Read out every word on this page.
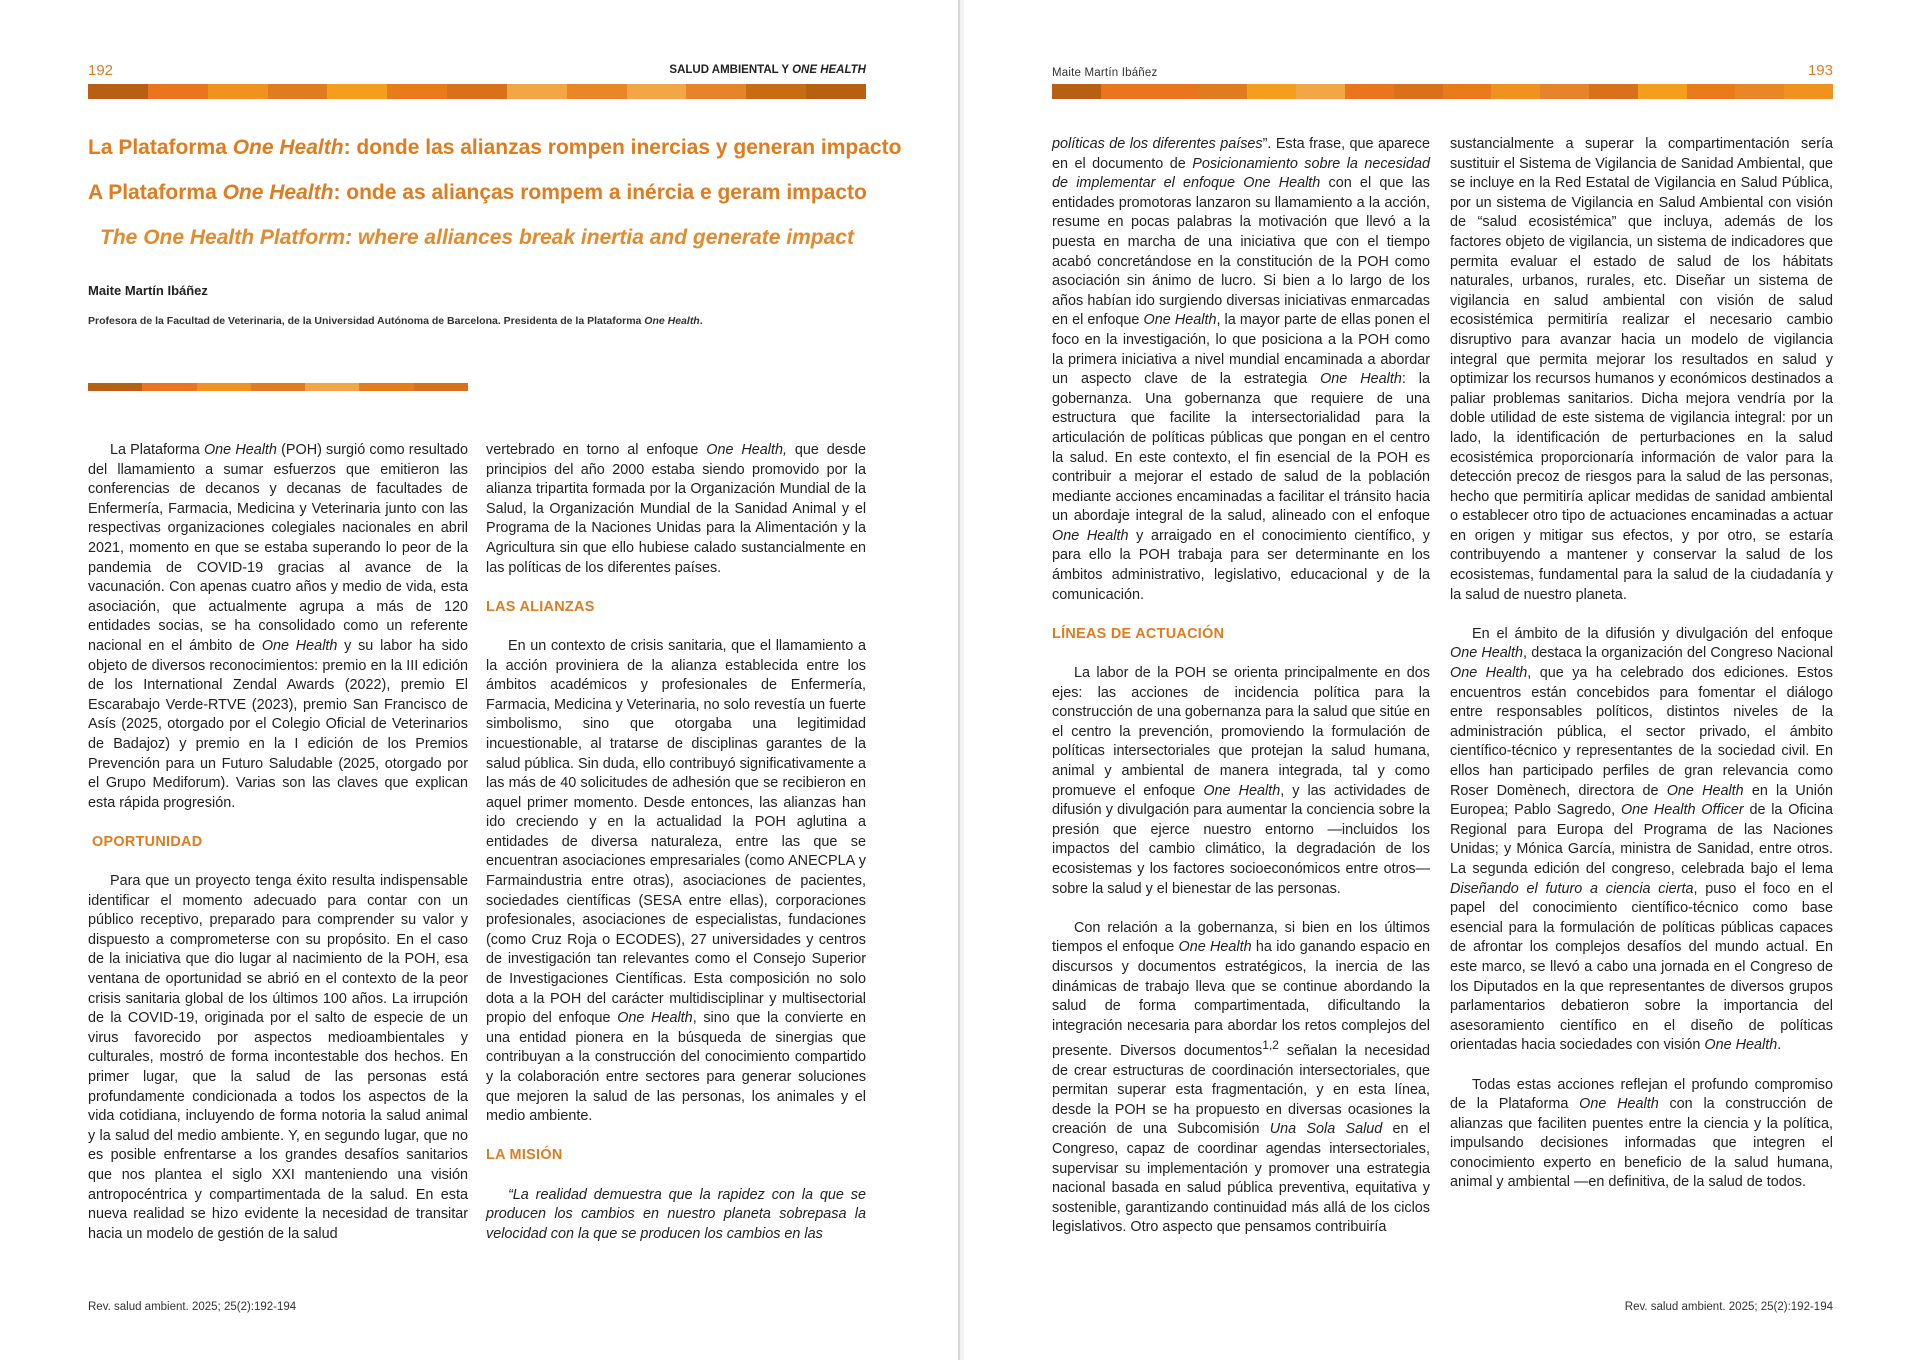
192	SALUD AMBIENTAL Y ONE HEALTH
La Plataforma One Health: donde las alianzas rompen inercias y generan impacto
A Plataforma One Health: onde as alianças rompem a inércia e geram impacto
The One Health Platform: where alliances break inertia and generate impact
Maite Martín Ibáñez
Profesora de la Facultad de Veterinaria, de la Universidad Autónoma de Barcelona. Presidenta de la Plataforma One Health.
La Plataforma One Health (POH) surgió como resultado del llamamiento a sumar esfuerzos que emitieron las conferencias de decanos y decanas de facultades de Enfermería, Farmacia, Medicina y Veterinaria junto con las respectivas organizaciones colegiales nacionales en abril 2021, momento en que se estaba superando lo peor de la pandemia de COVID-19 gracias al avance de la vacunación. Con apenas cuatro años y medio de vida, esta asociación, que actualmente agrupa a más de 120 entidades socias, se ha consolidado como un referente nacional en el ámbito de One Health y su labor ha sido objeto de diversos reconocimientos: premio en la III edición de los International Zendal Awards (2022), premio El Escarabajo Verde-RTVE (2023), premio San Francisco de Asís (2025, otorgado por el Colegio Oficial de Veterinarios de Badajoz) y premio en la I edición de los Premios Prevención para un Futuro Saludable (2025, otorgado por el Grupo Mediforum). Varias son las claves que explican esta rápida progresión.
OPORTUNIDAD
Para que un proyecto tenga éxito resulta indispensable identificar el momento adecuado para contar con un público receptivo, preparado para comprender su valor y dispuesto a comprometerse con su propósito. En el caso de la iniciativa que dio lugar al nacimiento de la POH, esa ventana de oportunidad se abrió en el contexto de la peor crisis sanitaria global de los últimos 100 años. La irrupción de la COVID-19, originada por el salto de especie de un virus favorecido por aspectos medioambientales y culturales, mostró de forma incontestable dos hechos. En primer lugar, que la salud de las personas está profundamente condicionada a todos los aspectos de la vida cotidiana, incluyendo de forma notoria la salud animal y la salud del medio ambiente. Y, en segundo lugar, que no es posible enfrentarse a los grandes desafíos sanitarios que nos plantea el siglo XXI manteniendo una visión antropocéntrica y compartimentada de la salud. En esta nueva realidad se hizo evidente la necesidad de transitar hacia un modelo de gestión de la salud
vertebrado en torno al enfoque One Health, que desde principios del año 2000 estaba siendo promovido por la alianza tripartita formada por la Organización Mundial de la Salud, la Organización Mundial de la Sanidad Animal y el Programa de la Naciones Unidas para la Alimentación y la Agricultura sin que ello hubiese calado sustancialmente en las políticas de los diferentes países.
LAS ALIANZAS
En un contexto de crisis sanitaria, que el llamamiento a la acción proviniera de la alianza establecida entre los ámbitos académicos y profesionales de Enfermería, Farmacia, Medicina y Veterinaria, no solo revestía un fuerte simbolismo, sino que otorgaba una legitimidad incuestionable, al tratarse de disciplinas garantes de la salud pública. Sin duda, ello contribuyó significativamente a las más de 40 solicitudes de adhesión que se recibieron en aquel primer momento. Desde entonces, las alianzas han ido creciendo y en la actualidad la POH aglutina a entidades de diversa naturaleza, entre las que se encuentran asociaciones empresariales (como ANECPLA y Farmaindustria entre otras), asociaciones de pacientes, sociedades científicas (SESA entre ellas), corporaciones profesionales, asociaciones de especialistas, fundaciones (como Cruz Roja o ECODES), 27 universidades y centros de investigación tan relevantes como el Consejo Superior de Investigaciones Científicas. Esta composición no solo dota a la POH del carácter multidisciplinar y multisectorial propio del enfoque One Health, sino que la convierte en una entidad pionera en la búsqueda de sinergias que contribuyan a la construcción del conocimiento compartido y la colaboración entre sectores para generar soluciones que mejoren la salud de las personas, los animales y el medio ambiente.
LA MISIÓN
“La realidad demuestra que la rapidez con la que se producen los cambios en nuestro planeta sobrepasa la velocidad con la que se producen los cambios en las
Rev. salud ambient. 2025; 25(2):192-194
Maite Martín Ibáñez	193
políticas de los diferentes países”. Esta frase, que aparece en el documento de Posicionamiento sobre la necesidad de implementar el enfoque One Health con el que las entidades promotoras lanzaron su llamamiento a la acción, resume en pocas palabras la motivación que llevó a la puesta en marcha de una iniciativa que con el tiempo acabó concretándose en la constitución de la POH como asociación sin ánimo de lucro. Si bien a lo largo de los años habían ido surgiendo diversas iniciativas enmarcadas en el enfoque One Health, la mayor parte de ellas ponen el foco en la investigación, lo que posiciona a la POH como la primera iniciativa a nivel mundial encaminada a abordar un aspecto clave de la estrategia One Health: la gobernanza. Una gobernanza que requiere de una estructura que facilite la intersectorialidad para la articulación de políticas públicas que pongan en el centro la salud. En este contexto, el fin esencial de la POH es contribuir a mejorar el estado de salud de la población mediante acciones encaminadas a facilitar el tránsito hacia un abordaje integral de la salud, alineado con el enfoque One Health y arraigado en el conocimiento científico, y para ello la POH trabaja para ser determinante en los ámbitos administrativo, legislativo, educacional y de la comunicación.
LÍNEAS DE ACTUACIÓN
La labor de la POH se orienta principalmente en dos ejes: las acciones de incidencia política para la construcción de una gobernanza para la salud que sitúe en el centro la prevención, promoviendo la formulación de políticas intersectoriales que protejan la salud humana, animal y ambiental de manera integrada, tal y como promueve el enfoque One Health, y las actividades de difusión y divulgación para aumentar la conciencia sobre la presión que ejerce nuestro entorno —incluidos los impactos del cambio climático, la degradación de los ecosistemas y los factores socioeconómicos entre otros— sobre la salud y el bienestar de las personas.
Con relación a la gobernanza, si bien en los últimos tiempos el enfoque One Health ha ido ganando espacio en discursos y documentos estratégicos, la inercia de las dinámicas de trabajo lleva que se continue abordando la salud de forma compartimentada, dificultando la integración necesaria para abordar los retos complejos del presente. Diversos documentos$^{1,2}$ señalan la necesidad de crear estructuras de coordinación intersectoriales, que permitan superar esta fragmentación, y en esta línea, desde la POH se ha propuesto en diversas ocasiones la creación de una Subcomisión Una Sola Salud en el Congreso, capaz de coordinar agendas intersectoriales, supervisar su implementación y promover una estrategia nacional basada en salud pública preventiva, equitativa y sostenible, garantizando continuidad más allá de los ciclos legislativos. Otro aspecto que pensamos contribuiría
sustancialmente a superar la compartimentación sería sustituir el Sistema de Vigilancia de Sanidad Ambiental, que se incluye en la Red Estatal de Vigilancia en Salud Pública, por un sistema de Vigilancia en Salud Ambiental con visión de “salud ecosistémica” que incluya, además de los factores objeto de vigilancia, un sistema de indicadores que permita evaluar el estado de salud de los hábitats naturales, urbanos, rurales, etc. Diseñar un sistema de vigilancia en salud ambiental con visión de salud ecosistémica permitiría realizar el necesario cambio disruptivo para avanzar hacia un modelo de vigilancia integral que permita mejorar los resultados en salud y optimizar los recursos humanos y económicos destinados a paliar problemas sanitarios. Dicha mejora vendría por la doble utilidad de este sistema de vigilancia integral: por un lado, la identificación de perturbaciones en la salud ecosistémica proporcionaría información de valor para la detección precoz de riesgos para la salud de las personas, hecho que permitiría aplicar medidas de sanidad ambiental o establecer otro tipo de actuaciones encaminadas a actuar en origen y mitigar sus efectos, y por otro, se estaría contribuyendo a mantener y conservar la salud de los ecosistemas, fundamental para la salud de la ciudadanía y la salud de nuestro planeta.
En el ámbito de la difusión y divulgación del enfoque One Health, destaca la organización del Congreso Nacional One Health, que ya ha celebrado dos ediciones. Estos encuentros están concebidos para fomentar el diálogo entre responsables políticos, distintos niveles de la administración pública, el sector privado, el ámbito científico-técnico y representantes de la sociedad civil. En ellos han participado perfiles de gran relevancia como Roser Domènech, directora de One Health en la Unión Europea; Pablo Sagredo, One Health Officer de la Oficina Regional para Europa del Programa de las Naciones Unidas; y Mónica García, ministra de Sanidad, entre otros. La segunda edición del congreso, celebrada bajo el lema Diseñando el futuro a ciencia cierta, puso el foco en el papel del conocimiento científico-técnico como base esencial para la formulación de políticas públicas capaces de afrontar los complejos desafíos del mundo actual. En este marco, se llevó a cabo una jornada en el Congreso de los Diputados en la que representantes de diversos grupos parlamentarios debatieron sobre la importancia del asesoramiento científico en el diseño de políticas orientadas hacia sociedades con visión One Health.
Todas estas acciones reflejan el profundo compromiso de la Plataforma One Health con la construcción de alianzas que faciliten puentes entre la ciencia y la política, impulsando decisiones informadas que integren el conocimiento experto en beneficio de la salud humana, animal y ambiental —en definitiva, de la salud de todos.
Rev. salud ambient. 2025; 25(2):192-194
